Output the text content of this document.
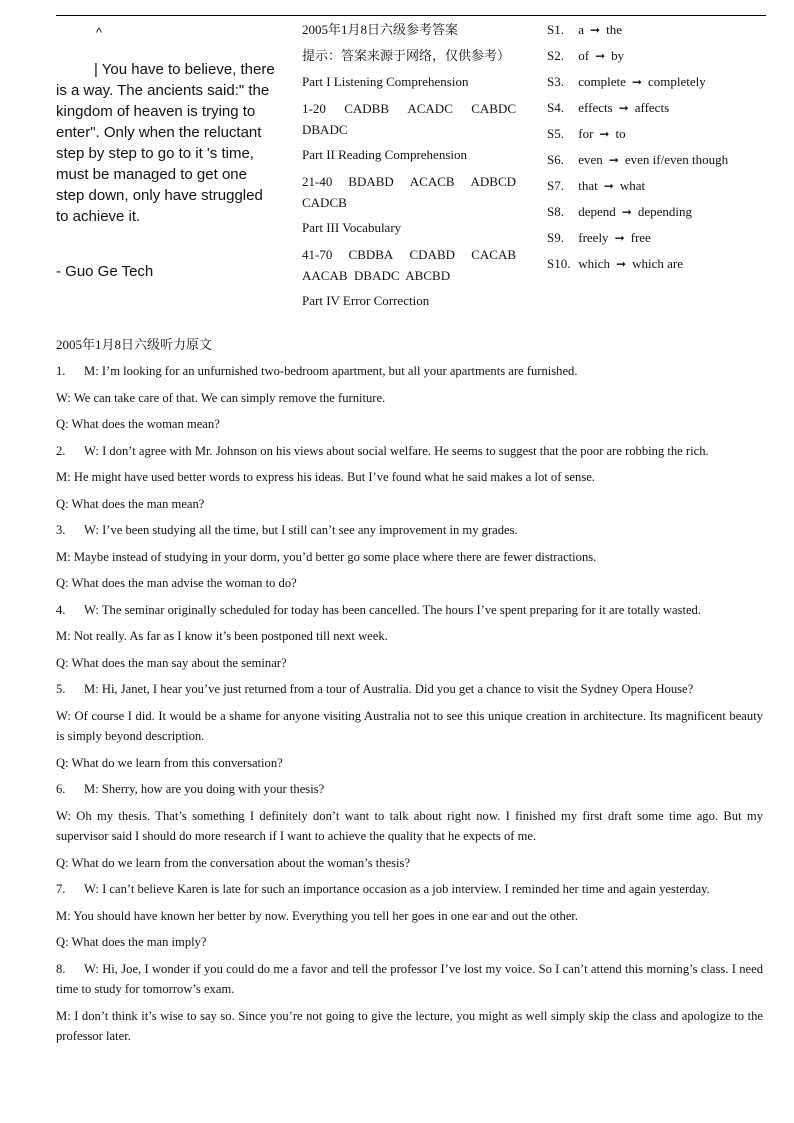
^
| You have to believe, there is a way. The ancients said:" the kingdom of heaven is trying to enter". Only when the reluctant step by step to go to it 's time, must be managed to get one step down, only have struggled to achieve it.
- Guo Ge Tech
2005年1月8日六级参考答案
提示：答案来源于网络，仅供参考）
Part I Listening Comprehension
1-20 CADBB ACADC CABDC
DBADC
Part II Reading Comprehension
21-40 BDABD ACACB ADBCD
CADCB
Part III Vocabulary
41-70 CBDBA CDABD CACAB
AACAB  DBADC  ABCBD
Part IV Error Correction
S1. a ➞ the
S2. of ➞ by
S3. complete ➞ completely
S4. effects ➞ affects
S5. for ➞ to
S6. even ➞ even if/even though
S7. that ➞ what
S8. depend ➞ depending
S9. freely ➞ free
S10. which ➞ which are
2005年1月8日六级听力原文

1. M: I’m looking for an unfurnished two-bedroom apartment, but all your apartments are furnished.

W: We can take care of that. We can simply remove the furniture.

Q: What does the woman mean?

2. W: I don’t agree with Mr. Johnson on his views about social welfare. He seems to suggest that the poor are robbing the rich.

M: He might have used better words to express his ideas. But I’ve found what he said makes a lot of sense.

Q: What does the man mean?

3. W: I’ve been studying all the time, but I still can’t see any improvement in my grades.

M: Maybe instead of studying in your dorm, you’d better go some place where there are fewer distractions.

Q: What does the man advise the woman to do?

4. W: The seminar originally scheduled for today has been cancelled. The hours I’ve spent preparing for it are totally wasted.

M: Not really. As far as I know it’s been postponed till next week.

Q: What does the man say about the seminar?

5. M: Hi, Janet, I hear you’ve just returned from a tour of Australia. Did you get a chance to visit the Sydney Opera House?

W: Of course I did. It would be a shame for anyone visiting Australia not to see this unique creation in architecture. Its magnificent beauty is simply beyond description.

Q: What do we learn from this conversation?

6. M: Sherry, how are you doing with your thesis?

W: Oh my thesis. That’s something I definitely don’t want to talk about right now. I finished my first draft some time ago. But my supervisor said I should do more research if I want to achieve the quality that he expects of me.

Q: What do we learn from the conversation about the woman’s thesis?

7. W: I can’t believe Karen is late for such an importance occasion as a job interview. I reminded her time and again yesterday.

M: You should have known her better by now. Everything you tell her goes in one ear and out the other.

Q: What does the man imply?

8. W: Hi, Joe, I wonder if you could do me a favor and tell the professor I’ve lost my voice. So I can’t attend this morning’s class. I need time to study for tomorrow’s exam.

M: I don’t think it’s wise to say so. Since you’re not going to give the lecture, you might as well simply skip the class and apologize to the professor later.
